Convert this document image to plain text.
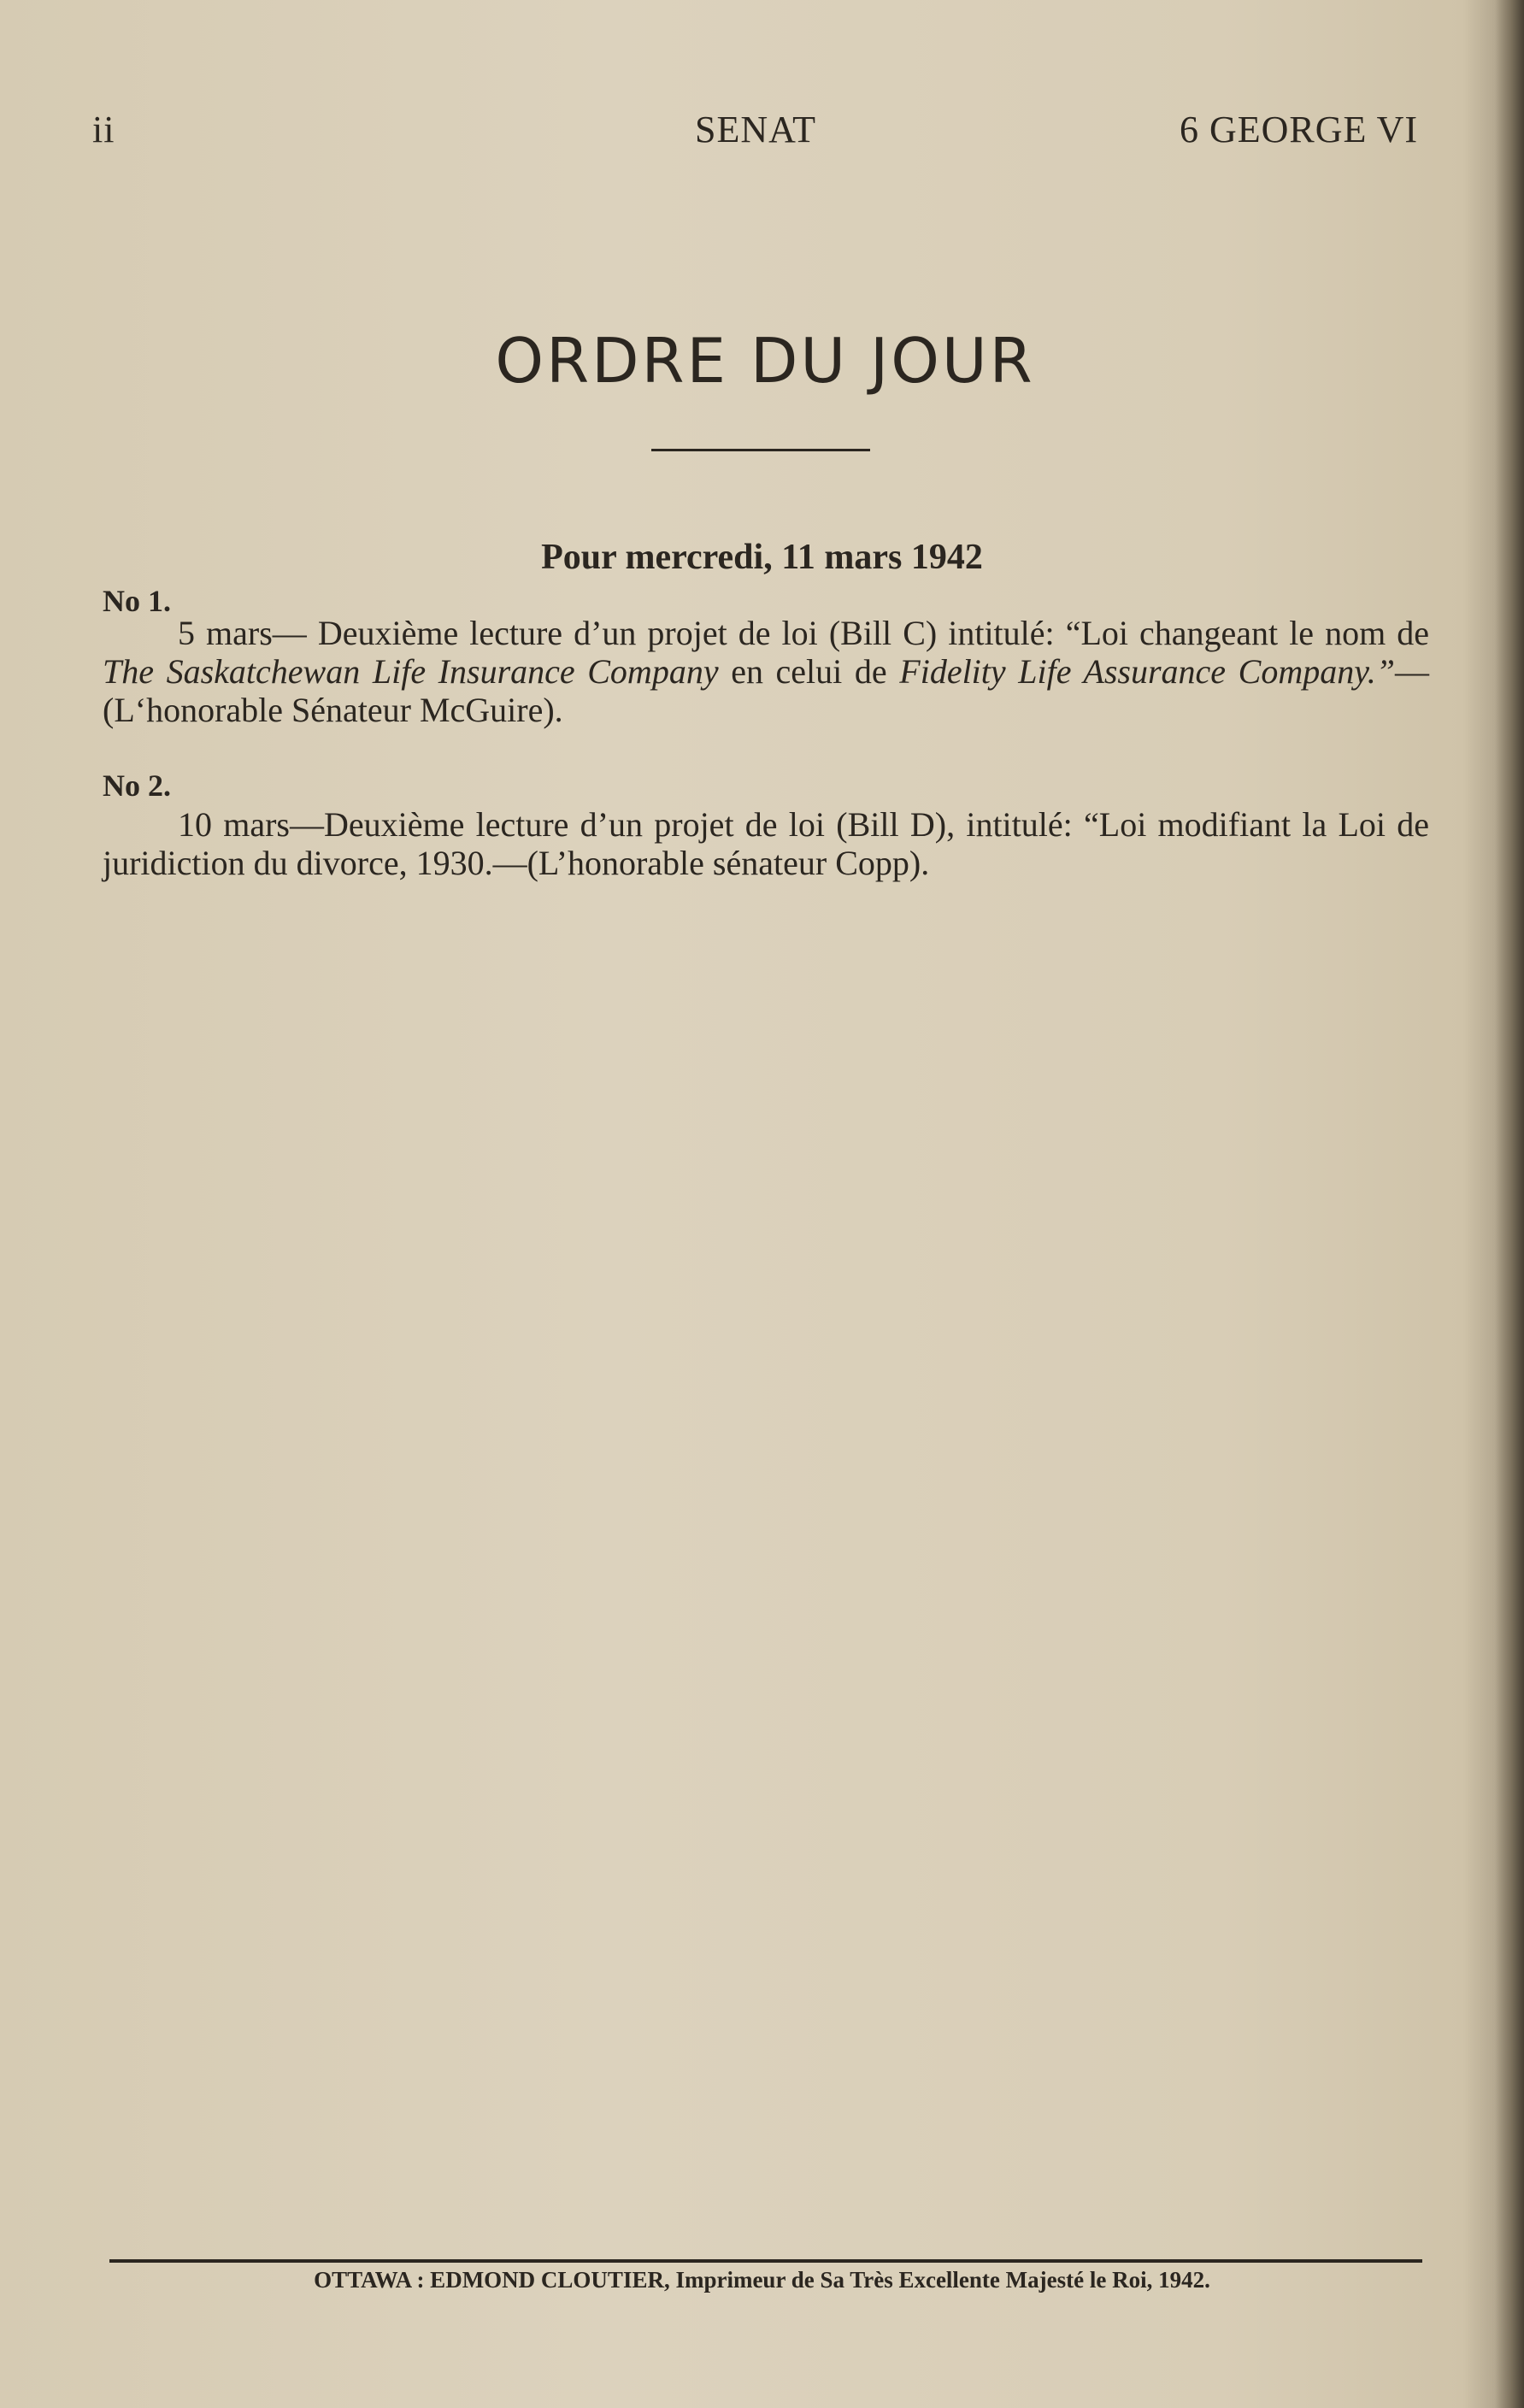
ii	SENAT	6 GEORGE VI

ORDRE DU JOUR
Pour mercredi, 11 mars 1942

No 1.

5 mars— Deuxième lecture d’un projet de loi (Bill C) intitulé: “Loi changeant le nom de The Saskatchewan Life Insurance Company en celui de Fidelity Life Assurance Company.”—(L‘honorable Sénateur McGuire).

No 2.

10 mars—Deuxième lecture d’un projet de loi (Bill D), intitulé: “Loi modifiant la Loi de juridiction du divorce, 1930.—(L’honorable sénateur Copp).

OTTAWA : EDMOND CLOUTIER, Imprimeur de Sa Très Excellente Majesté le Roi, 1942.
